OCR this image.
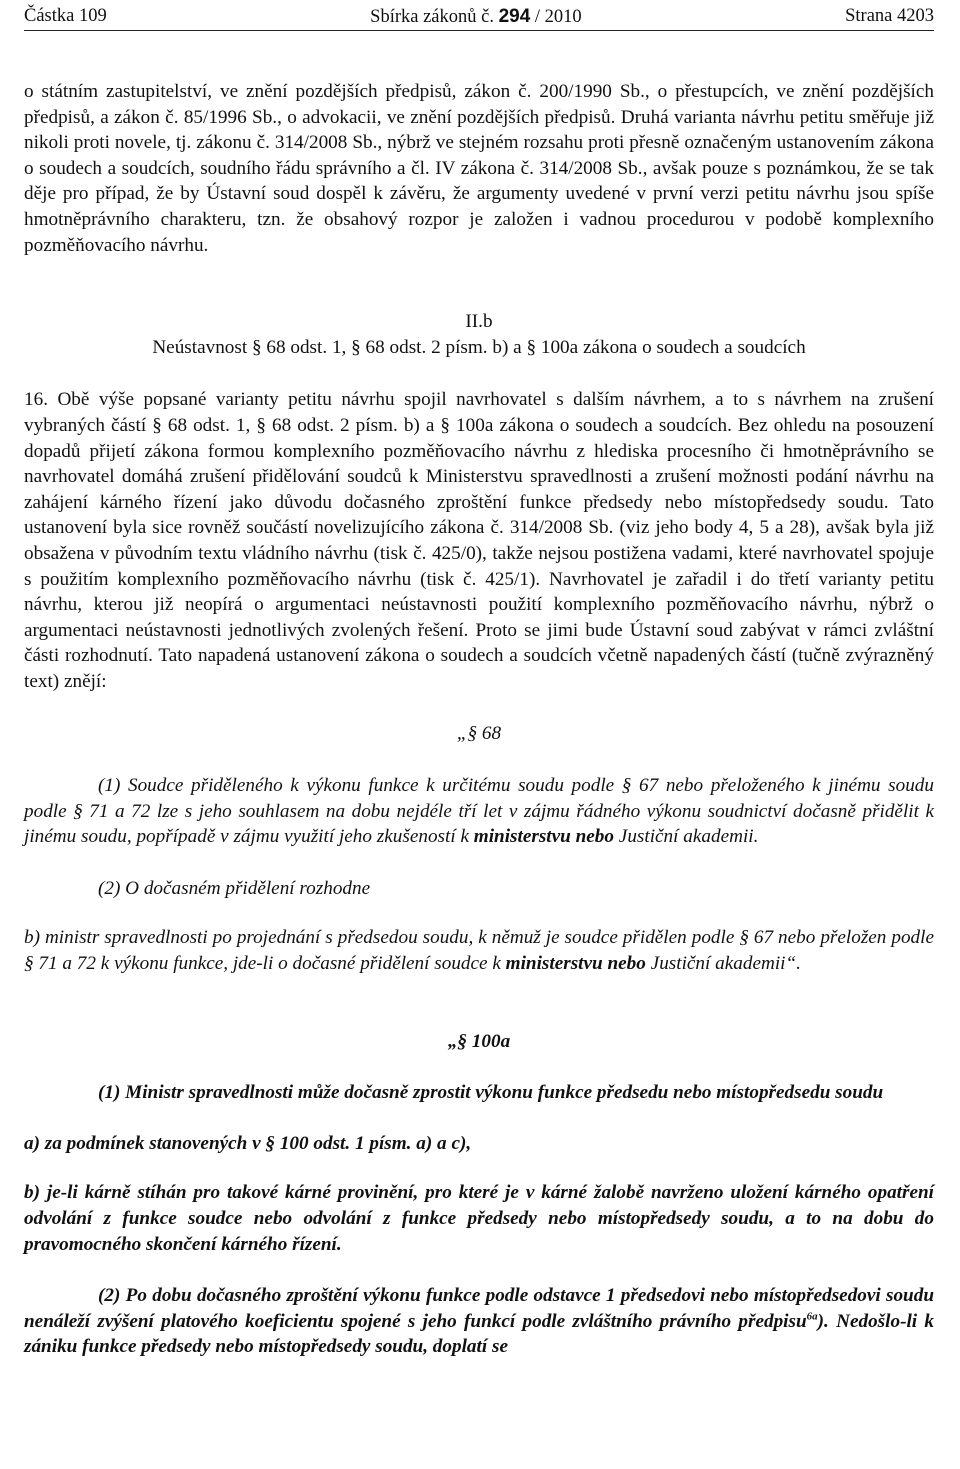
Částka 109	Sbírka zákonů č. 294 / 2010	Strana 4203

o státním zastupitelství, ve znění pozdějších předpisů, zákon č. 200/1990 Sb., o přestupcích, ve znění pozdějších předpisů, a zákon č. 85/1996 Sb., o advokacii, ve znění pozdějších předpisů. Druhá varianta návrhu petitu směřuje již nikoli proti novele, tj. zákonu č. 314/2008 Sb., nýbrž ve stejném rozsahu proti přesně označeným ustanovením zákona o soudech a soudcích, soudního řádu správního a čl. IV zákona č. 314/2008 Sb., avšak pouze s poznámkou, že se tak děje pro případ, že by Ústavní soud dospěl k závěru, že argumenty uvedené v první verzi petitu návrhu jsou spíše hmotněprávního charakteru, tzn. že obsahový rozpor je založen i vadnou procedurou v podobě komplexního pozměňovacího návrhu.

II.b

Neústavnost § 68 odst. 1, § 68 odst. 2 písm. b) a § 100a zákona o soudech a soudcích

16. Obě výše popsané varianty petitu návrhu spojil navrhovatel s dalším návrhem, a to s návrhem na zrušení vybraných částí § 68 odst. 1, § 68 odst. 2 písm. b) a § 100a zákona o soudech a soudcích. Bez ohledu na posouzení dopadů přijetí zákona formou komplexního pozměňovacího návrhu z hlediska procesního či hmotněprávního se navrhovatel domáhá zrušení přidělování soudců k Ministerstvu spravedlnosti a zrušení možnosti podání návrhu na zahájení kárného řízení jako důvodu dočasného zproštění funkce předsedy nebo místopředsedy soudu. Tato ustanovení byla sice rovněž součástí novelizujícího zákona č. 314/2008 Sb. (viz jeho body 4, 5 a 28), avšak byla již obsažena v původním textu vládního návrhu (tisk č. 425/0), takže nejsou postižena vadami, které navrhovatel spojuje s použitím komplexního pozměňovacího návrhu (tisk č. 425/1). Navrhovatel je zařadil i do třetí varianty petitu návrhu, kterou již neopírá o argumentaci neústavnosti použití komplexního pozměňovacího návrhu, nýbrž o argumentaci neústavnosti jednotlivých zvolených řešení. Proto se jimi bude Ústavní soud zabývat v rámci zvláštní části rozhodnutí. Tato napadená ustanovení zákona o soudech a soudcích včetně napadených částí (tučně zvýrazněný text) znějí:

„§ 68

(1) Soudce přiděleného k výkonu funkce k určitému soudu podle § 67 nebo přeloženého k jinému soudu podle § 71 a 72 lze s jeho souhlasem na dobu nejdéle tří let v zájmu řádného výkonu soudnictví dočasně přidělit k jinému soudu, popřípadě v zájmu využití jeho zkušeností k ministerstvu nebo Justiční akademii.

(2) O dočasném přidělení rozhodne

b) ministr spravedlnosti po projednání s předsedou soudu, k němuž je soudce přidělen podle § 67 nebo přeložen podle § 71 a 72 k výkonu funkce, jde-li o dočasné přidělení soudce k ministerstvu nebo Justiční akademii“.

„§ 100a

(1) Ministr spravedlnosti může dočasně zprostit výkonu funkce předsedu nebo místopředsedu soudu

a) za podmínek stanovených v § 100 odst. 1 písm. a) a c),

b) je-li kárně stíhán pro takové kárné provinění, pro které je v kárné žalobě navrženo uložení kárného opatření odvolání z funkce soudce nebo odvolání z funkce předsedy nebo místopředsedy soudu, a to na dobu do pravomocného skončení kárného řízení.

(2) Po dobu dočasného zproštění výkonu funkce podle odstavce 1 předsedovi nebo místopředsedovi soudu nenáleží zvýšení platového koeficientu spojené s jeho funkcí podle zvláštního právního předpisu$^{6a}$). Nedošlo-li k zániku funkce předsedy nebo místopředsedy soudu, doplatí se
